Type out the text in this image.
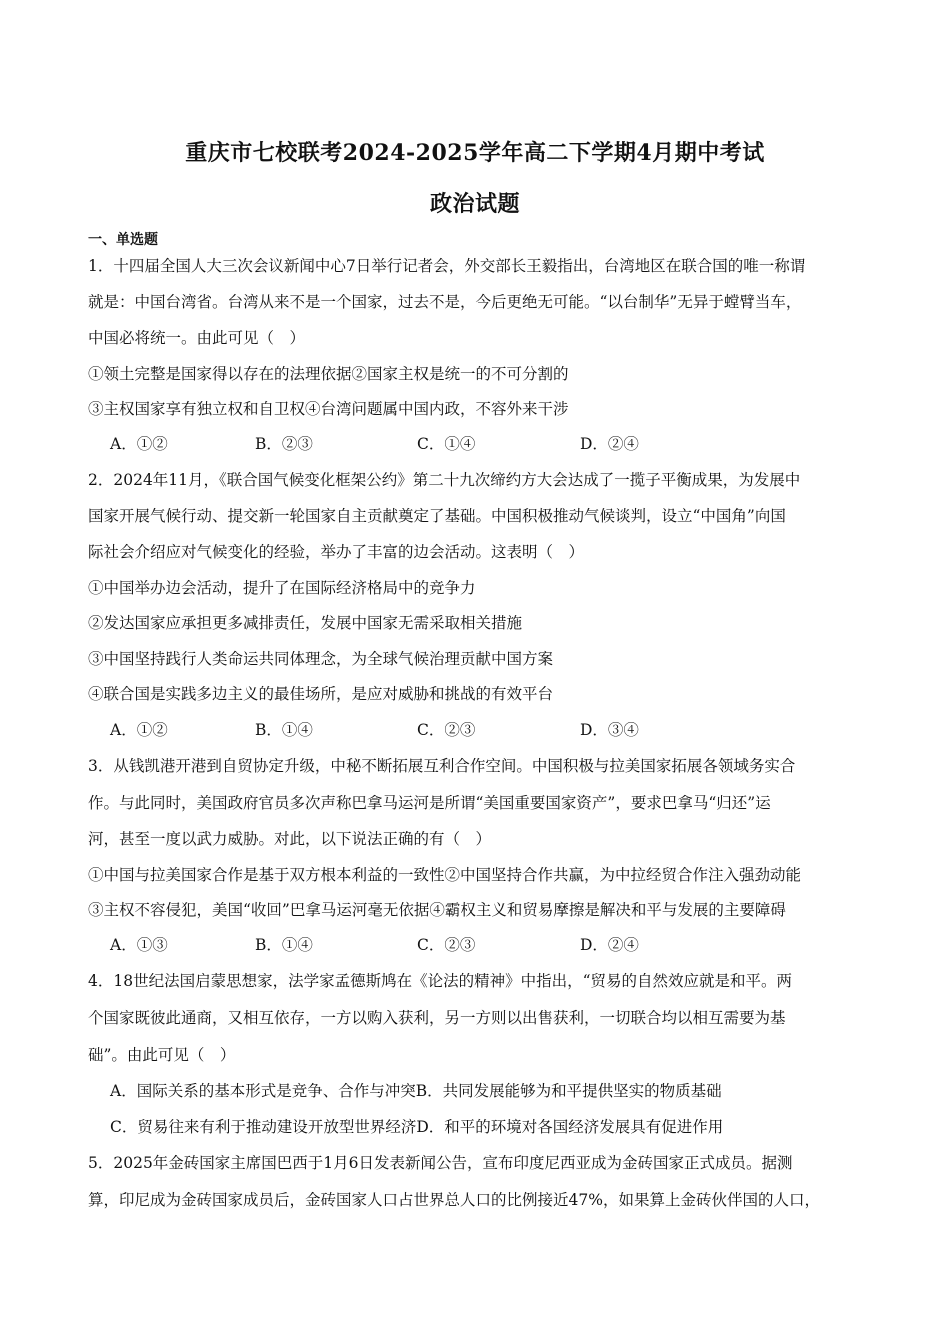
重庆市七校联考2024-2025学年高二下学期4月期中考试
政治试题
一、单选题
1．十四届全国人大三次会议新闻中心7日举行记者会，外交部长王毅指出，台湾地区在联合国的唯一称谓
就是：中国台湾省。台湾从来不是一个国家，过去不是，今后更绝无可能。“以台制华”无异于螳臂当车，
中国必将统一。由此可见（　）
①领土完整是国家得以存在的法理依据②国家主权是统一的不可分割的
③主权国家享有独立权和自卫权④台湾问题属中国内政，不容外来干涉
A．①②	B．②③	C．①④	D．②④
2．2024年11月，《联合国气候变化框架公约》第二十九次缔约方大会达成了一揽子平衡成果，为发展中
国家开展气候行动、提交新一轮国家自主贡献奠定了基础。中国积极推动气候谈判，设立“中国角”向国
际社会介绍应对气候变化的经验，举办了丰富的边会活动。这表明（　）
①中国举办边会活动，提升了在国际经济格局中的竞争力
②发达国家应承担更多减排责任，发展中国家无需采取相关措施
③中国坚持践行人类命运共同体理念，为全球气候治理贡献中国方案
④联合国是实践多边主义的最佳场所，是应对威胁和挑战的有效平台
A．①②	B．①④	C．②③	D．③④
3．从钱凯港开港到自贸协定升级，中秘不断拓展互利合作空间。中国积极与拉美国家拓展各领域务实合
作。与此同时，美国政府官员多次声称巴拿马运河是所谓“美国重要国家资产”，要求巴拿马“归还”运
河，甚至一度以武力威胁。对此，以下说法正确的有（　）
①中国与拉美国家合作是基于双方根本利益的一致性②中国坚持合作共赢，为中拉经贸合作注入强劲动能
③主权不容侵犯，美国“收回”巴拿马运河毫无依据④霸权主义和贸易摩擦是解决和平与发展的主要障碍
A．①③	B．①④	C．②③	D．②④
4．18世纪法国启蒙思想家，法学家孟德斯鸠在《论法的精神》中指出，“贸易的自然效应就是和平。两
个国家既彼此通商，又相互依存，一方以购入获利，另一方则以出售获利，一切联合均以相互需要为基
础”。由此可见（　）
A．国际关系的基本形式是竞争、合作与冲突B．共同发展能够为和平提供坚实的物质基础
C．贸易往来有利于推动建设开放型世界经济D．和平的环境对各国经济发展具有促进作用
5．2025年金砖国家主席国巴西于1月6日发表新闻公告，宣布印度尼西亚成为金砖国家正式成员。据测
算，印尼成为金砖国家成员后，金砖国家人口占世界总人口的比例接近47%，如果算上金砖伙伴国的人口，
